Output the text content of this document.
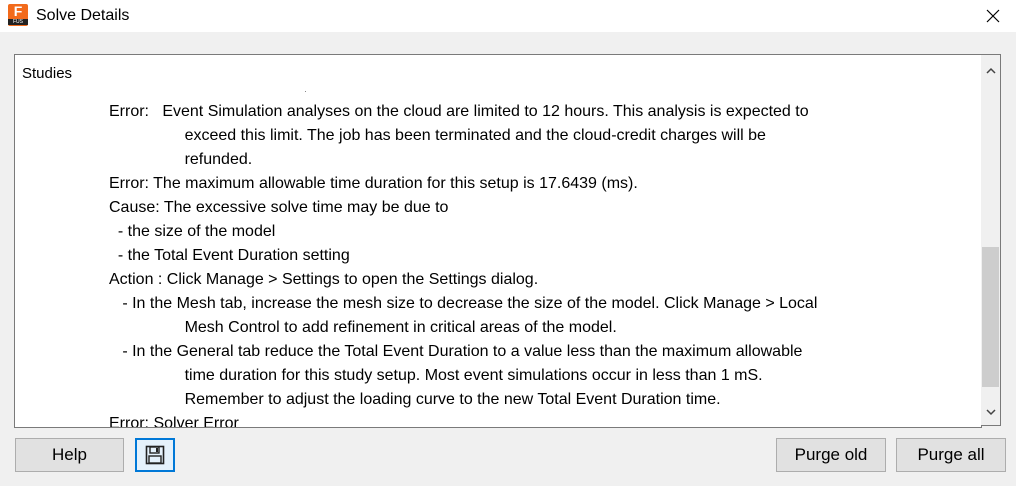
F
FUS Solve Details
Studies
Error:   Event Simulation analyses on the cloud are limited to 12 hours. This analysis is expected to
exceed this limit. The job has been terminated and the cloud-credit charges will be
refunded.
Error: The maximum allowable time duration for this setup is 17.6439 (ms).
Cause: The excessive solve time may be due to
- the size of the model
- the Total Event Duration setting
Action : Click Manage > Settings to open the Settings dialog.
- In the Mesh tab, increase the mesh size to decrease the size of the model. Click Manage > Local
Mesh Control to add refinement in critical areas of the model.
- In the General tab reduce the Total Event Duration to a value less than the maximum allowable
time duration for this study setup. Most event simulations occur in less than 1 mS.
Remember to adjust the loading curve to the new Total Event Duration time.
Error: Solver Error
Help	Purge old	Purge all
